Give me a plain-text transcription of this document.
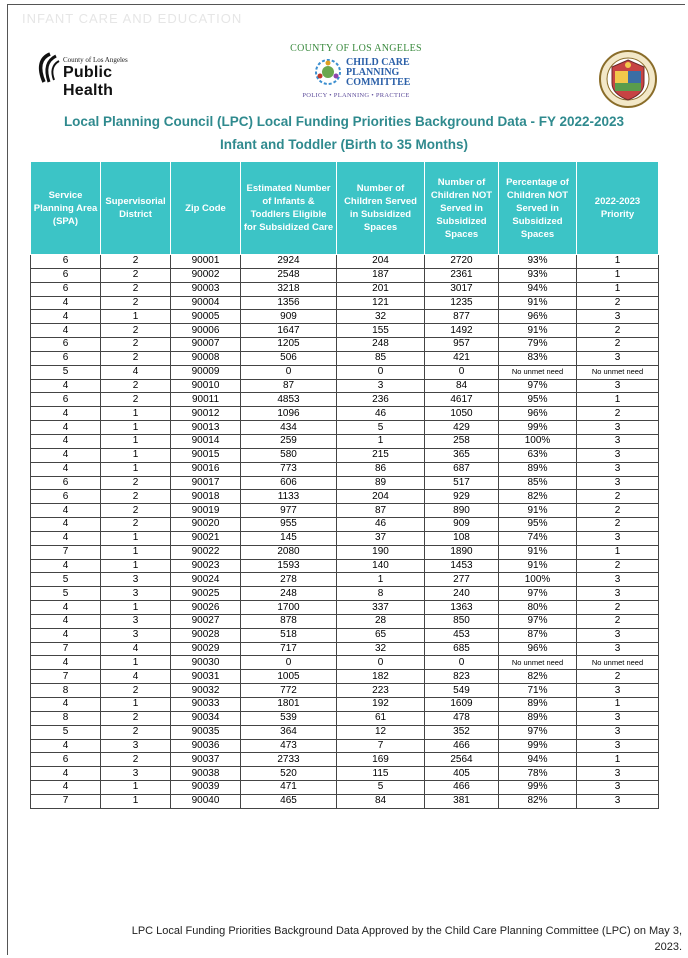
INFANT CARE AND EDUCATION
County of Los Angeles
Public Health
COUNTY OF LOS ANGELES
CHILD CARE
PLANNING
COMMITTEE
POLICY • PLANNING • PRACTICE
Local Planning Council (LPC) Local Funding Priorities Background Data - FY 2022-2023
Infant and Toddler (Birth to 35 Months)
Service Planning Area (SPA)	Supervisorial District	Zip Code	Estimated Number of Infants & Toddlers Eligible for Subsidized Care	Number of Children Served in Subsidized Spaces	Number of Children NOT Served in Subsidized Spaces	Percentage of Children NOT Served in Subsidized Spaces	2022-2023 Priority
6	2	90001	2924	204	2720	93%	1
6	2	90002	2548	187	2361	93%	1
6	2	90003	3218	201	3017	94%	1
4	2	90004	1356	121	1235	91%	2
4	1	90005	909	32	877	96%	3
4	2	90006	1647	155	1492	91%	2
6	2	90007	1205	248	957	79%	2
6	2	90008	506	85	421	83%	3
5	4	90009	0	0	0	No unmet need	No unmet need
4	2	90010	87	3	84	97%	3
6	2	90011	4853	236	4617	95%	1
4	1	90012	1096	46	1050	96%	2
4	1	90013	434	5	429	99%	3
4	1	90014	259	1	258	100%	3
4	1	90015	580	215	365	63%	3
4	1	90016	773	86	687	89%	3
6	2	90017	606	89	517	85%	3
6	2	90018	1133	204	929	82%	2
4	2	90019	977	87	890	91%	2
4	2	90020	955	46	909	95%	2
4	1	90021	145	37	108	74%	3
7	1	90022	2080	190	1890	91%	1
4	1	90023	1593	140	1453	91%	2
5	3	90024	278	1	277	100%	3
5	3	90025	248	8	240	97%	3
4	1	90026	1700	337	1363	80%	2
4	3	90027	878	28	850	97%	2
4	3	90028	518	65	453	87%	3
7	4	90029	717	32	685	96%	3
4	1	90030	0	0	0	No unmet need	No unmet need
7	4	90031	1005	182	823	82%	2
8	2	90032	772	223	549	71%	3
4	1	90033	1801	192	1609	89%	1
8	2	90034	539	61	478	89%	3
5	2	90035	364	12	352	97%	3
4	3	90036	473	7	466	99%	3
6	2	90037	2733	169	2564	94%	1
4	3	90038	520	115	405	78%	3
4	1	90039	471	5	466	99%	3
7	1	90040	465	84	381	82%	3
LPC Local Funding Priorities Background Data Approved by the Child Care Planning Committee (LPC) on May 3,
2023.
